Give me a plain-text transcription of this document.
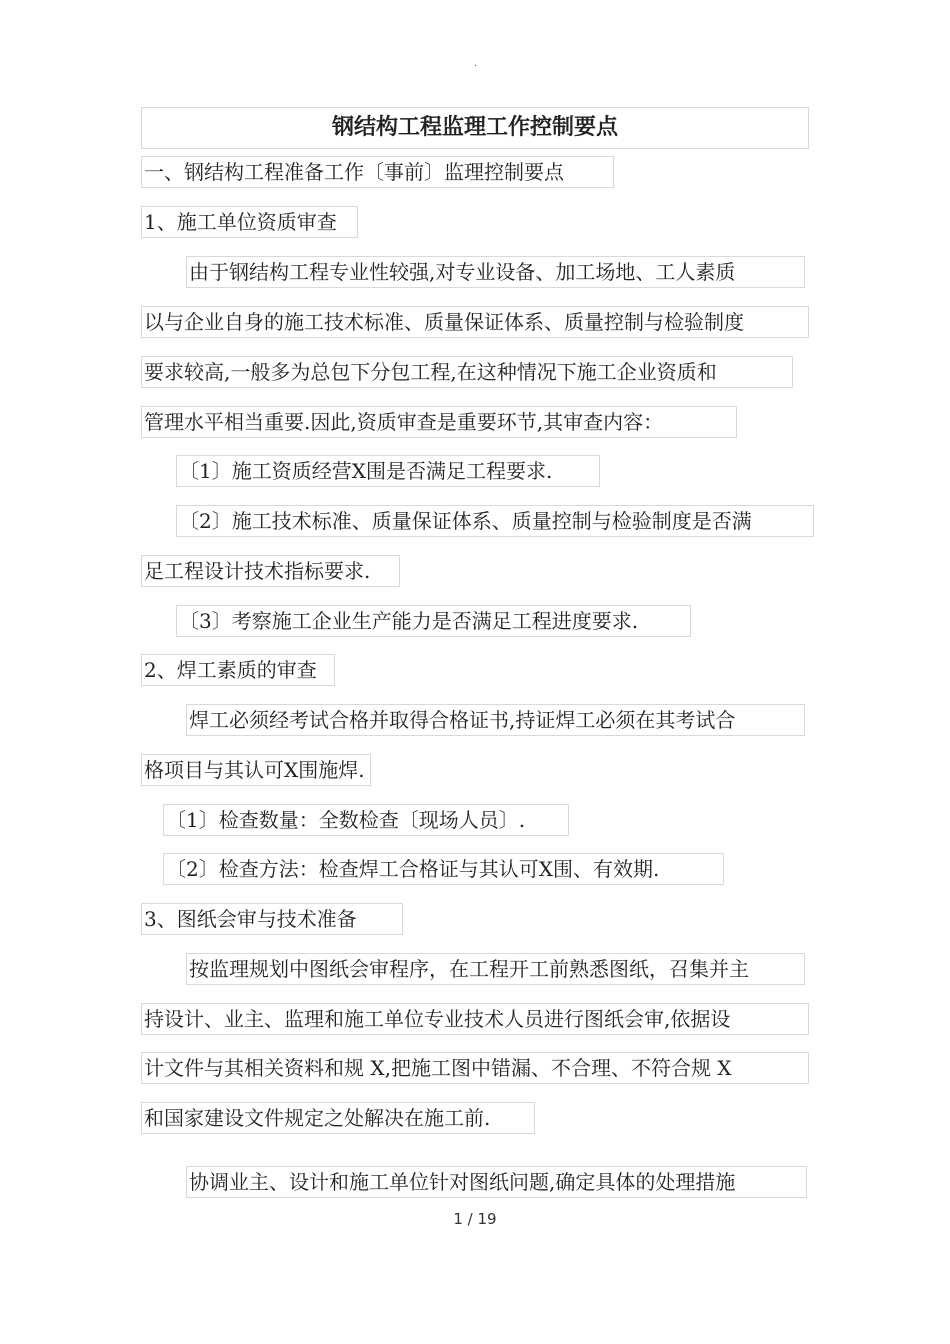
.
钢结构工程监理工作控制要点
一、钢结构工程准备工作〔事前〕监理控制要点
1、施工单位资质审查
由于钢结构工程专业性较强,对专业设备、加工场地、工人素质
以与企业自身的施工技术标准、质量保证体系、质量控制与检验制度
要求较高,一般多为总包下分包工程,在这种情况下施工企业资质和
管理水平相当重要.因此,资质审查是重要环节,其审查内容：
〔1〕施工资质经营X围是否满足工程要求.
〔2〕施工技术标准、质量保证体系、质量控制与检验制度是否满
足工程设计技术指标要求.
〔3〕考察施工企业生产能力是否满足工程进度要求.
2、焊工素质的审查
焊工必须经考试合格并取得合格证书,持证焊工必须在其考试合
格项目与其认可X围施焊.
〔1〕检查数量：全数检查〔现场人员〕.
〔2〕检查方法：检查焊工合格证与其认可X围、有效期.
3、图纸会审与技术准备
按监理规划中图纸会审程序，在工程开工前熟悉图纸，召集并主
持设计、业主、监理和施工单位专业技术人员进行图纸会审,依据设
计文件与其相关资料和规 X,把施工图中错漏、不合理、不符合规 X
和国家建设文件规定之处解决在施工前.
协调业主、设计和施工单位针对图纸问题,确定具体的处理措施
1 / 19
